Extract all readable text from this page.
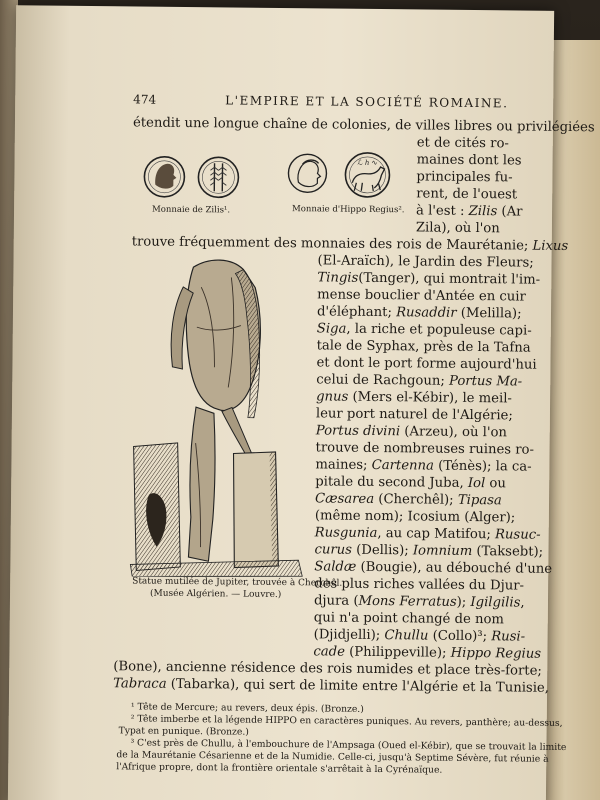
474	L'EMPIRE ET LA SOCIÉTÉ ROMAINE.
ℒ ℎ ∿
Monnaie de Zilis¹.	Monnaie d'Hippo Regius².
Statue mutilée de Jupiter, trouvée à Cherchêl.
(Musée Algérien. — Louvre.)
étendit une longue chaîne de colonies, de villes libres ou privilégiées
et de cités ro-
maines dont les
principales fu-
rent, de l'ouest
à l'est : Zilis (Ar
Zila), où l'on
trouve fréquemment des monnaies des rois de Maurétanie; Lixus
(El-Araïch), le Jardin des Fleurs;
Tingis(Tanger), qui montrait l'im-
mense bouclier d'Antée en cuir
d'éléphant; Rusaddir (Melilla);
Siga, la riche et populeuse capi-
tale de Syphax, près de la Tafna
et dont le port forme aujourd'hui
celui de Rachgoun; Portus Ma-
gnus (Mers el-Kébir), le meil-
leur port naturel de l'Algérie;
Portus divini (Arzeu), où l'on
trouve de nombreuses ruines ro-
maines; Cartenna (Ténès); la ca-
pitale du second Juba, Iol ou
Cæsarea (Cherchêl); Tipasa
(même nom); Icosium (Alger);
Rusgunia, au cap Matifou; Rusuc-
curus (Dellis); Iomnium (Taksebt);
Saldæ (Bougie), au débouché d'une
des plus riches vallées du Djur-
djura (Mons Ferratus); Igilgilis,
qui n'a point changé de nom
(Djidjelli); Chullu (Collo)³; Rusi-
cade (Philippeville); Hippo Regius
(Bone), ancienne résidence des rois numides et place très-forte;
Tabraca (Tabarka), qui sert de limite entre l'Algérie et la Tunisie,
¹ Tête de Mercure; au revers, deux épis. (Bronze.)
² Tête imberbe et la légende HIPPO en caractères puniques. Au revers, panthère; au-dessus,
Typat en punique. (Bronze.)
³ C'est près de Chullu, à l'embouchure de l'Ampsaga (Oued el-Kébir), que se trouvait la limite
de la Maurétanie Césarienne et de la Numidie. Celle-ci, jusqu'à Septime Sévère, fut réunie à
l'Afrique propre, dont la frontière orientale s'arrêtait à la Cyrénaïque.
